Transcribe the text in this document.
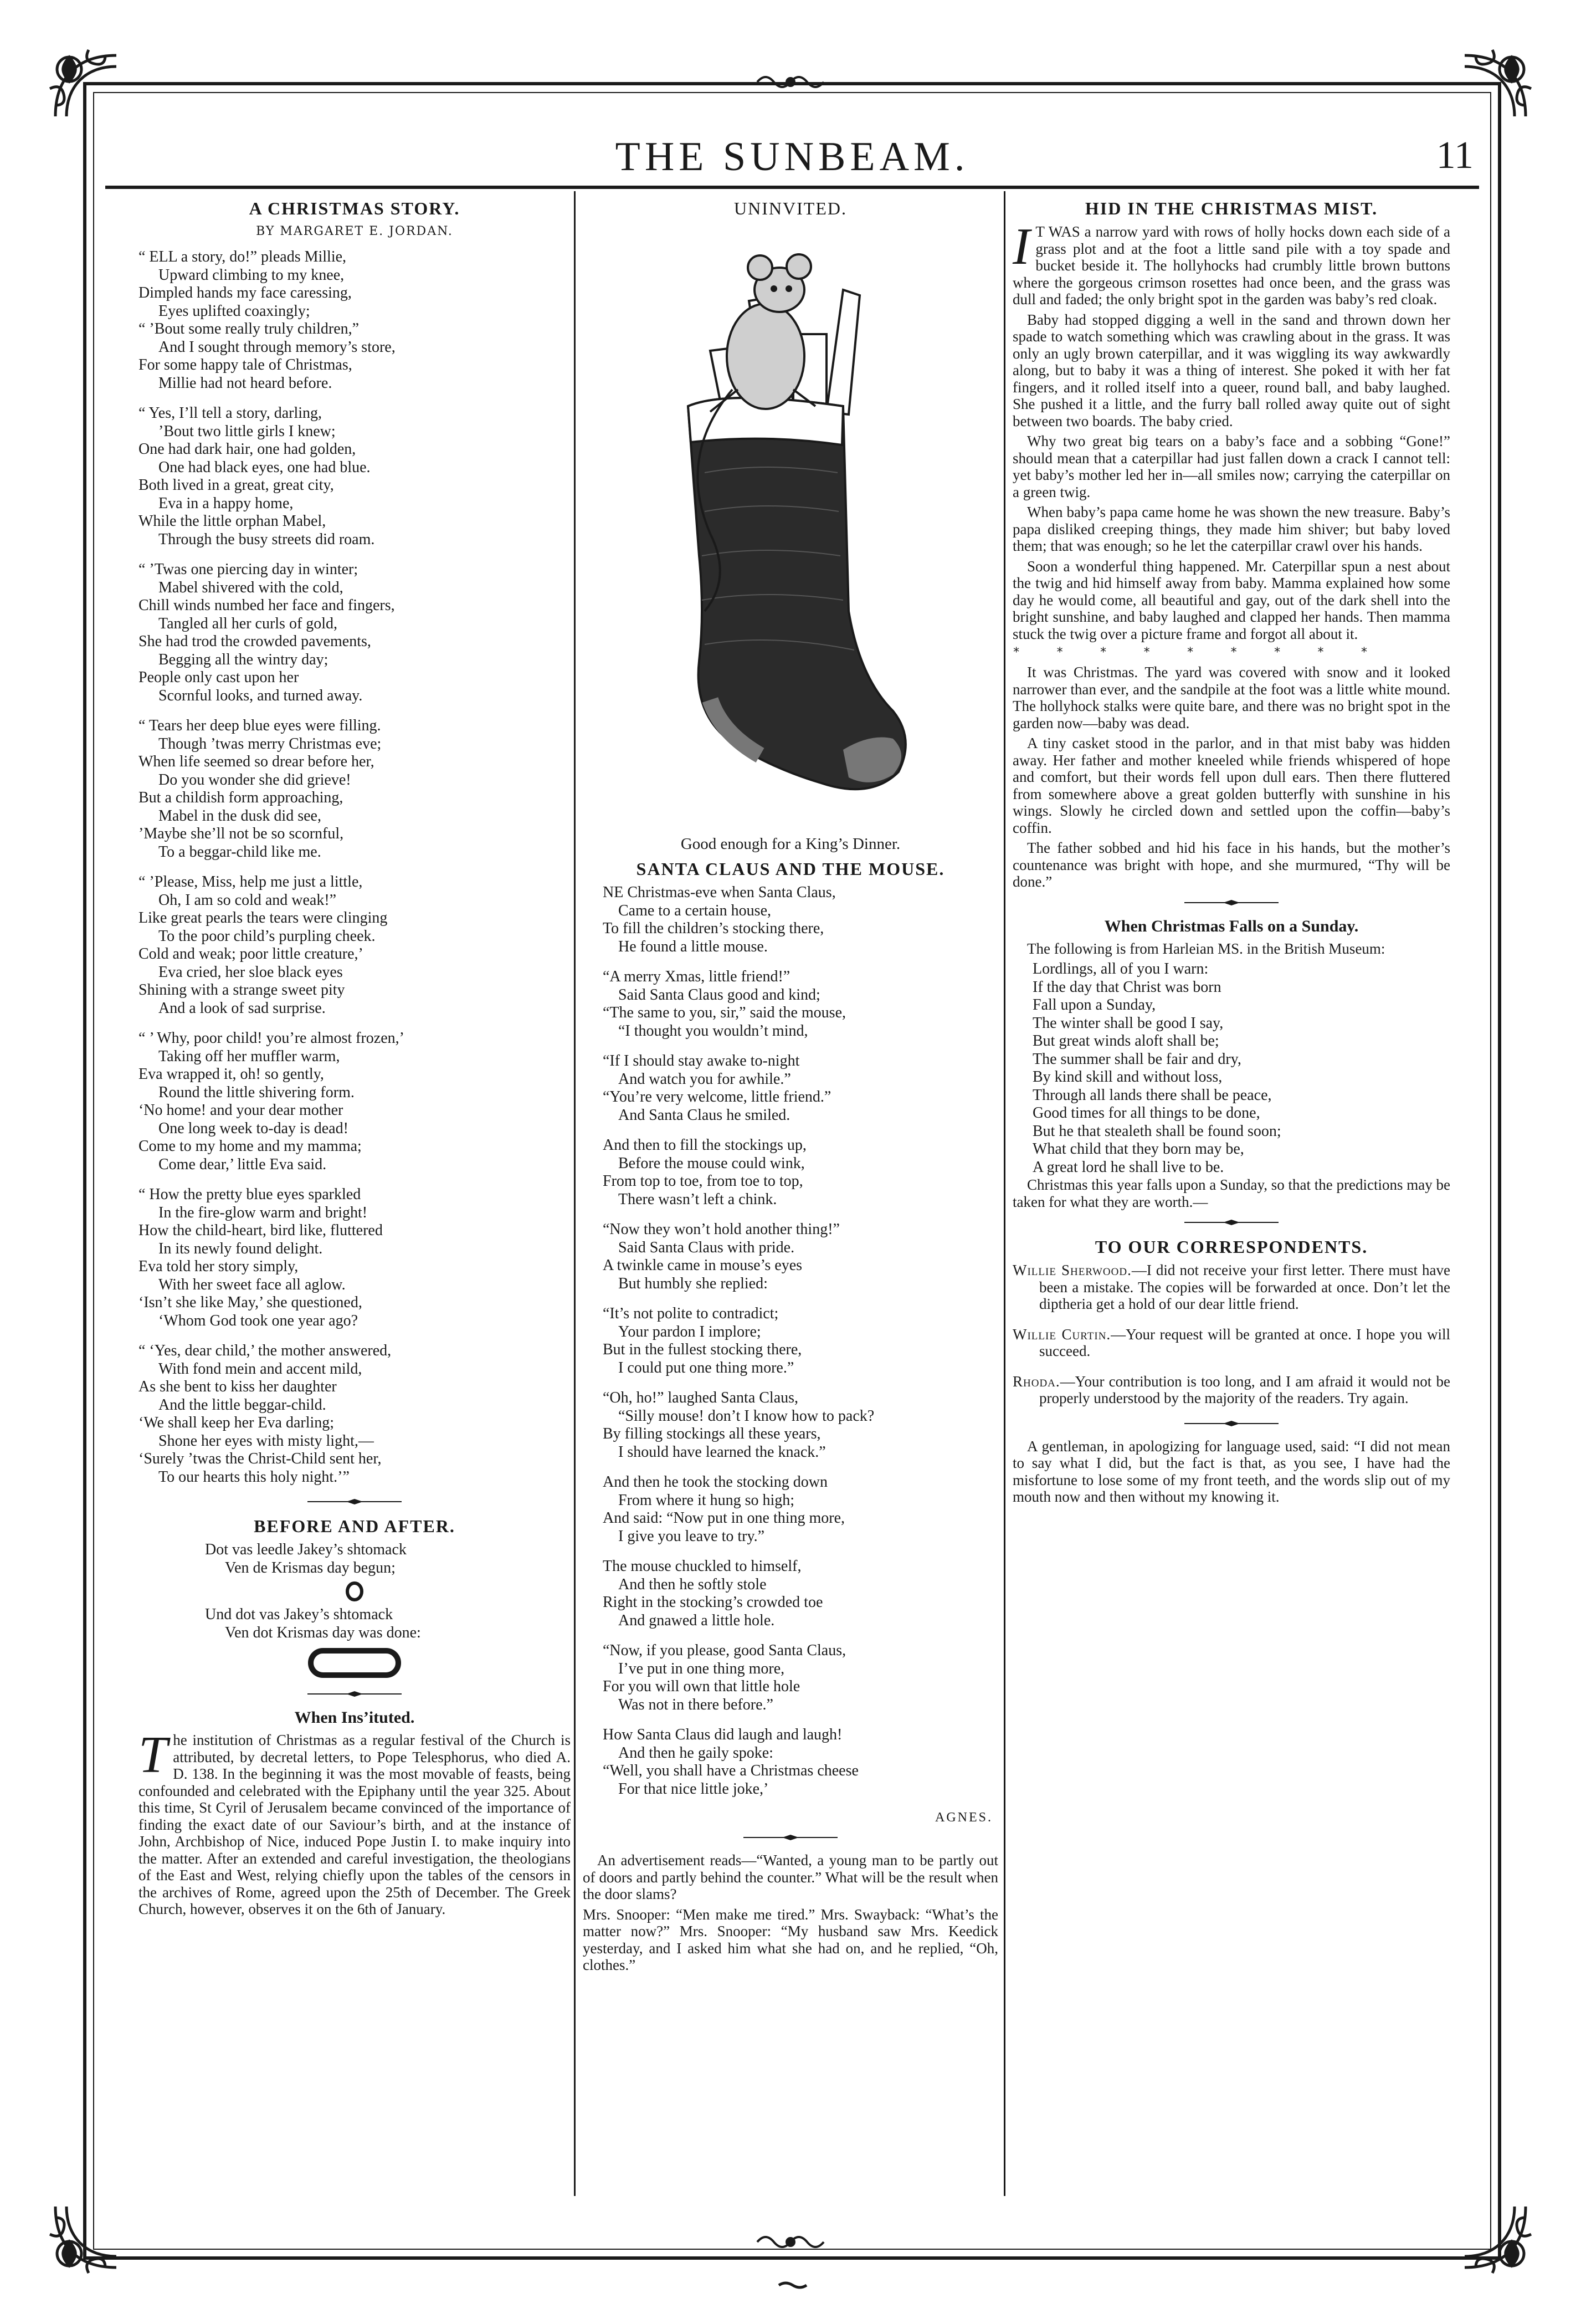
THE SUNBEAM.	11
A CHRISTMAS STORY.
BY MARGARET E. JORDAN.
“ ELL a story, do!” pleads Millie,
Upward climbing to my knee,
Dimpled hands my face caressing,
Eyes uplifted coaxingly;
“ ’Bout some really truly children,”
And I sought through memory’s store,
For some happy tale of Christmas,
Millie had not heard before.
“ Yes, I’ll tell a story, darling,
’Bout two little girls I knew;
One had dark hair, one had golden,
One had black eyes, one had blue.
Both lived in a great, great city,
Eva in a happy home,
While the little orphan Mabel,
Through the busy streets did roam.
“ ’Twas one piercing day in winter;
Mabel shivered with the cold,
Chill winds numbed her face and fingers,
Tangled all her curls of gold,
She had trod the crowded pavements,
Begging all the wintry day;
People only cast upon her
Scornful looks, and turned away.
“ Tears her deep blue eyes were filling.
Though ’twas merry Christmas eve;
When life seemed so drear before her,
Do you wonder she did grieve!
But a childish form approaching,
Mabel in the dusk did see,
’Maybe she’ll not be so scornful,
To a beggar-child like me.
“ ’Please, Miss, help me just a little,
Oh, I am so cold and weak!”
Like great pearls the tears were clinging
To the poor child’s purpling cheek.
Cold and weak; poor little creature,’
Eva cried, her sloe black eyes
Shining with a strange sweet pity
And a look of sad surprise.
“ ’ Why, poor child! you’re almost frozen,’
Taking off her muffler warm,
Eva wrapped it, oh! so gently,
Round the little shivering form.
‘No home! and your dear mother
One long week to-day is dead!
Come to my home and my mamma;
Come dear,’ little Eva said.
“ How the pretty blue eyes sparkled
In the fire-glow warm and bright!
How the child-heart, bird like, fluttered
In its newly found delight.
Eva told her story simply,
With her sweet face all aglow.
‘Isn’t she like May,’ she questioned,
‘Whom God took one year ago?
“ ‘Yes, dear child,’ the mother answered,
With fond mein and accent mild,
As she bent to kiss her daughter
And the little beggar-child.
‘We shall keep her Eva darling;
Shone her eyes with misty light,—
‘Surely ’twas the Christ-Child sent her,
To our hearts this holy night.’”
BEFORE AND AFTER.
Dot vas leedle Jakey’s shtomack
Ven de Krismas day begun;
Und dot vas Jakey’s shtomack
Ven dot Krismas day was done:
When Ins’ituted.

The institution of Christmas as a regular festival of the Church is attributed, by decretal letters, to Pope Telesphorus, who died A. D. 138. In the beginning it was the most movable of feasts, being confounded and celebrated with the Epiphany until the year 325. About this time, St Cyril of Jerusalem became convinced of the importance of finding the exact date of our Saviour’s birth, and at the instance of John, Archbishop of Nice, induced Pope Justin I. to make inquiry into the matter. After an extended and careful investigation, the theologians of the East and West, relying chiefly upon the tables of the censors in the archives of Rome, agreed upon the 25th of December. The Greek Church, however, observes it on the 6th of January.

UNINVITED.
Good enough for a King’s Dinner.
SANTA CLAUS AND THE MOUSE.
NE Christmas-eve when Santa Claus,
Came to a certain house,
To fill the children’s stocking there,
He found a little mouse.
“A merry Xmas, little friend!”
Said Santa Claus good and kind;
“The same to you, sir,” said the mouse,
“I thought you wouldn’t mind,
“If I should stay awake to-night
And watch you for awhile.”
“You’re very welcome, little friend.”
And Santa Claus he smiled.
And then to fill the stockings up,
Before the mouse could wink,
From top to toe, from toe to top,
There wasn’t left a chink.
“Now they won’t hold another thing!”
Said Santa Claus with pride.
A twinkle came in mouse’s eyes
But humbly she replied:
“It’s not polite to contradict;
Your pardon I implore;
But in the fullest stocking there,
I could put one thing more.”
“Oh, ho!” laughed Santa Claus,
“Silly mouse! don’t I know how to pack?
By filling stockings all these years,
I should have learned the knack.”
And then he took the stocking down
From where it hung so high;
And said: “Now put in one thing more,
I give you leave to try.”
The mouse chuckled to himself,
And then he softly stole
Right in the stocking’s crowded toe
And gnawed a little hole.
“Now, if you please, good Santa Claus,
I’ve put in one thing more,
For you will own that little hole
Was not in there before.”
How Santa Claus did laugh and laugh!
And then he gaily spoke:
“Well, you shall have a Christmas cheese
For that nice little joke,’
AGNES.

An advertisement reads—“Wanted, a young man to be partly out of doors and partly behind the counter.” What will be the result when the door slams?

Mrs. Snooper: “Men make me tired.” Mrs. Swayback: “What’s the matter now?” Mrs. Snooper: “My husband saw Mrs. Keedick yesterday, and I asked him what she had on, and he replied, “Oh, clothes.”

HID IN THE CHRISTMAS MIST.

I T WAS a narrow yard with rows of holly hocks down each side of a grass plot and at the foot a little sand pile with a toy spade and bucket beside it. The hollyhocks had crumbly little brown buttons where the gorgeous crimson rosettes had once been, and the grass was dull and faded; the only bright spot in the garden was baby’s red cloak.

Baby had stopped digging a well in the sand and thrown down her spade to watch something which was crawling about in the grass. It was only an ugly brown caterpillar, and it was wiggling its way awkwardly along, but to baby it was a thing of interest. She poked it with her fat fingers, and it rolled itself into a queer, round ball, and baby laughed. She pushed it a little, and the furry ball rolled away quite out of sight between two boards. The baby cried.

Why two great big tears on a baby’s face and a sobbing “Gone!” should mean that a caterpillar had just fallen down a crack I cannot tell: yet baby’s mother led her in—all smiles now; carrying the caterpillar on a green twig.

When baby’s papa came home he was shown the new treasure. Baby’s papa disliked creeping things, they made him shiver; but baby loved them; that was enough; so he let the caterpillar crawl over his hands.

Soon a wonderful thing happened. Mr. Caterpillar spun a nest about the twig and hid himself away from baby. Mamma explained how some day he would come, all beautiful and gay, out of the dark shell into the bright sunshine, and baby laughed and clapped her hands. Then mamma stuck the twig over a picture frame and forgot all about it.

* * * * * * * * *

It was Christmas. The yard was covered with snow and it looked narrower than ever, and the sandpile at the foot was a little white mound. The hollyhock stalks were quite bare, and there was no bright spot in the garden now—baby was dead.

A tiny casket stood in the parlor, and in that mist baby was hidden away. Her father and mother kneeled while friends whispered of hope and comfort, but their words fell upon dull ears. Then there fluttered from somewhere above a great golden butterfly with sunshine in his wings. Slowly he circled down and settled upon the coffin—baby’s coffin.

The father sobbed and hid his face in his hands, but the mother’s countenance was bright with hope, and she murmured, “Thy will be done.”

When Christmas Falls on a Sunday.

The following is from Harleian MS. in the British Museum:

Lordlings, all of you I warn:
If the day that Christ was born
Fall upon a Sunday,
The winter shall be good I say,
But great winds aloft shall be;
The summer shall be fair and dry,
By kind skill and without loss,
Through all lands there shall be peace,
Good times for all things to be done,
But he that stealeth shall be found soon;
What child that they born may be,
A great lord he shall live to be.

Christmas this year falls upon a Sunday, so that the predictions may be taken for what they are worth.—

TO OUR CORRESPONDENTS.

Willie Sherwood.—I did not receive your first letter. There must have been a mistake. The copies will be forwarded at once. Don’t let the diptheria get a hold of our dear little friend.

Willie Curtin.—Your request will be granted at once. I hope you will succeed.

Rhoda.—Your contribution is too long, and I am afraid it would not be properly understood by the majority of the readers. Try again.

A gentleman, in apologizing for language used, said: “I did not mean to say what I did, but the fact is that, as you see, I have had the misfortune to lose some of my front teeth, and the words slip out of my mouth now and then without my knowing it.
